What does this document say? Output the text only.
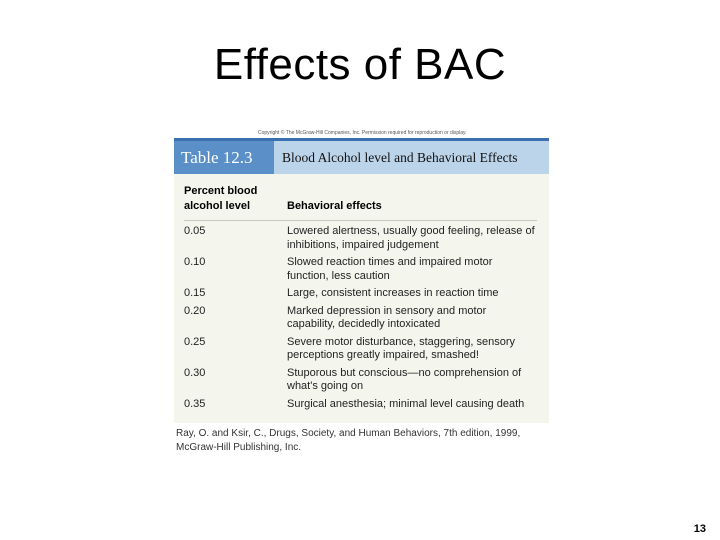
Effects of BAC
Copyright © The McGraw-Hill Companies, Inc. Permission required for reproduction or display.
Table 12.3	Blood Alcohol level and Behavioral Effects
Percent blood alcohol level	Behavioral effects
0.05	Lowered alertness, usually good feeling, release of inhibitions, impaired judgement
0.10	Slowed reaction times and impaired motor function, less caution
0.15	Large, consistent increases in reaction time
0.20	Marked depression in sensory and motor capability, decidedly intoxicated
0.25	Severe motor disturbance, staggering, sensory perceptions greatly impaired, smashed!
0.30	Stuporous but conscious—no comprehension of what's going on
0.35	Surgical anesthesia; minimal level causing death
Ray, O. and Ksir, C., Drugs, Society, and Human Behaviors, 7th edition, 1999,
McGraw-Hill Publishing, Inc.
13
